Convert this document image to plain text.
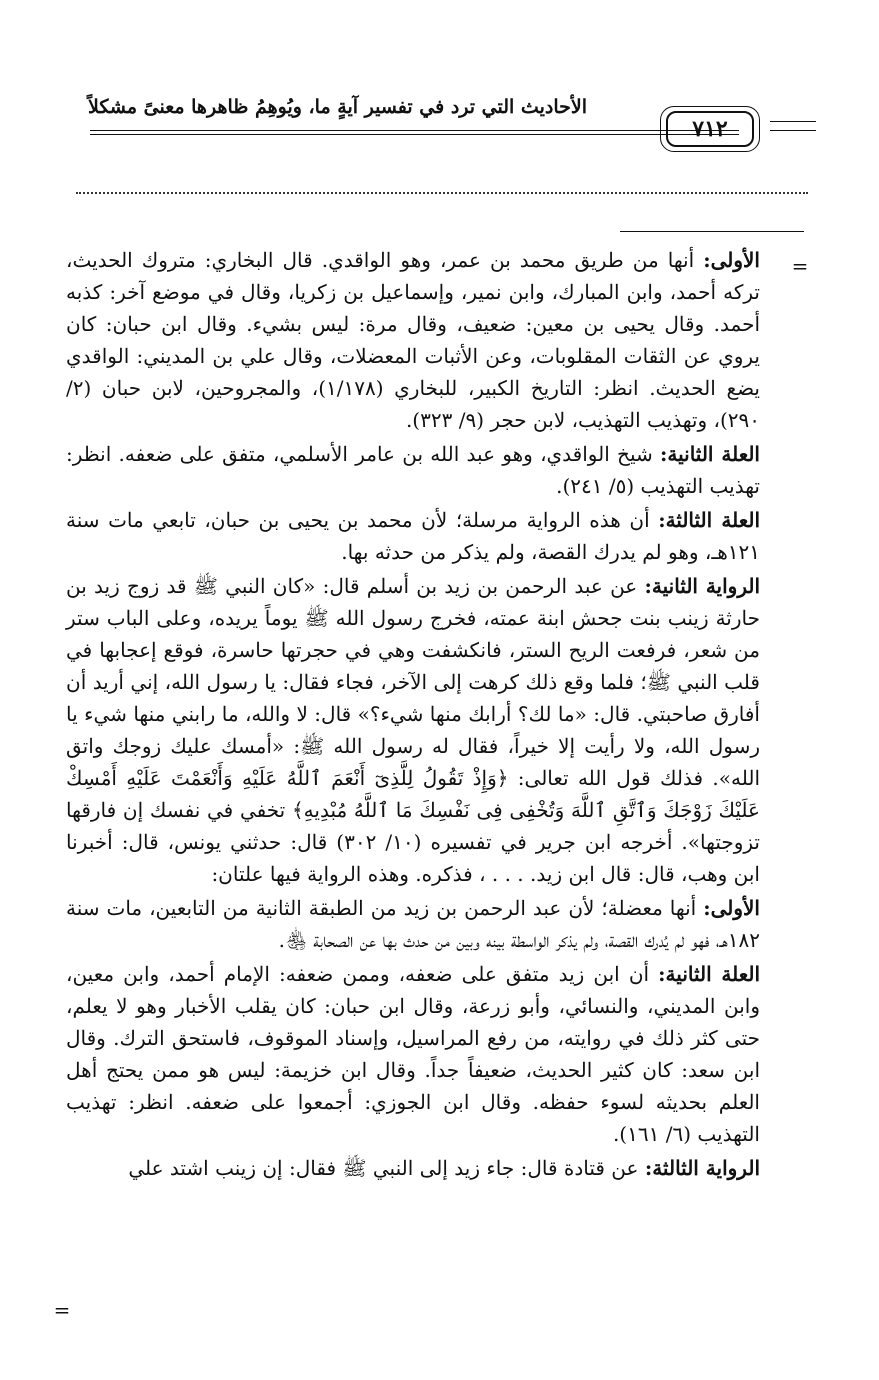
الأحاديث التي ترد في تفسير آيةٍ ما، ويُوهِمُ ظاهرها معنىً مشكلاً
٧١٢
=

الأولى: أنها من طريق محمد بن عمر، وهو الواقدي. قال البخاري: متروك الحديث، تركه أحمد، وابن المبارك، وابن نمير، وإسماعيل بن زكريا، وقال في موضع آخر: كذبه أحمد. وقال يحيى بن معين: ضعيف، وقال مرة: ليس بشيء. وقال ابن حبان: كان يروي عن الثقات المقلوبات، وعن الأثبات المعضلات، وقال علي بن المديني: الواقدي يضع الحديث. انظر: التاريخ الكبير، للبخاري (١/١٧٨)، والمجروحين، لابن حبان (٢/ ٢٩٠)، وتهذيب التهذيب، لابن حجر (٩/ ٣٢٣).

العلة الثانية: شيخ الواقدي، وهو عبد الله بن عامر الأسلمي، متفق على ضعفه. انظر: تهذيب التهذيب (٥/ ٢٤١).

العلة الثالثة: أن هذه الرواية مرسلة؛ لأن محمد بن يحيى بن حبان، تابعي مات سنة ١٢١هـ، وهو لم يدرك القصة، ولم يذكر من حدثه بها.

الرواية الثانية: عن عبد الرحمن بن زيد بن أسلم قال: «كان النبي ﷺ قد زوج زيد بن حارثة زينب بنت جحش ابنة عمته، فخرج رسول الله ﷺ يوماً يريده، وعلى الباب ستر من شعر، فرفعت الريح الستر، فانكشفت وهي في حجرتها حاسرة، فوقع إعجابها في قلب النبي ﷺ؛ فلما وقع ذلك كرهت إلى الآخر، فجاء فقال: يا رسول الله، إني أريد أن أفارق صاحبتي. قال: «ما لك؟ أرابك منها شيء؟» قال: لا والله، ما رابني منها شيء يا رسول الله، ولا رأيت إلا خيراً، فقال له رسول الله ﷺ: «أمسك عليك زوجك واتق الله». فذلك قول الله تعالى: ﴿وَإِذْ تَقُولُ لِلَّذِىٓ أَنْعَمَ ٱللَّهُ عَلَيْهِ وَأَنْعَمْتَ عَلَيْهِ أَمْسِكْ عَلَيْكَ زَوْجَكَ وَٱتَّقِ ٱللَّهَ وَتُخْفِى فِى نَفْسِكَ مَا ٱللَّهُ مُبْدِيهِ﴾ تخفي في نفسك إن فارقها تزوجتها». أخرجه ابن جرير في تفسيره (١٠/ ٣٠٢) قال: حدثني يونس، قال: أخبرنا ابن وهب، قال: قال ابن زيد. . . . ، فذكره. وهذه الرواية فيها علتان:

الأولى: أنها معضلة؛ لأن عبد الرحمن بن زيد من الطبقة الثانية من التابعين، مات سنة ١٨٢هـ، فهو لم يُدرك القصة، ولم يذكر الواسطة بينه وبين من حدث بها عن الصحابة ﵃.

العلة الثانية: أن ابن زيد متفق على ضعفه، وممن ضعفه: الإمام أحمد، وابن معين، وابن المديني، والنسائي، وأبو زرعة، وقال ابن حبان: كان يقلب الأخبار وهو لا يعلم، حتى كثر ذلك في روايته، من رفع المراسيل، وإسناد الموقوف، فاستحق الترك. وقال ابن سعد: كان كثير الحديث، ضعيفاً جداً. وقال ابن خزيمة: ليس هو ممن يحتج أهل العلم بحديثه لسوء حفظه. وقال ابن الجوزي: أجمعوا على ضعفه. انظر: تهذيب التهذيب (٦/ ١٦١).

الرواية الثالثة: عن قتادة قال: جاء زيد إلى النبي ﷺ فقال: إن زينب اشتد علي

=
